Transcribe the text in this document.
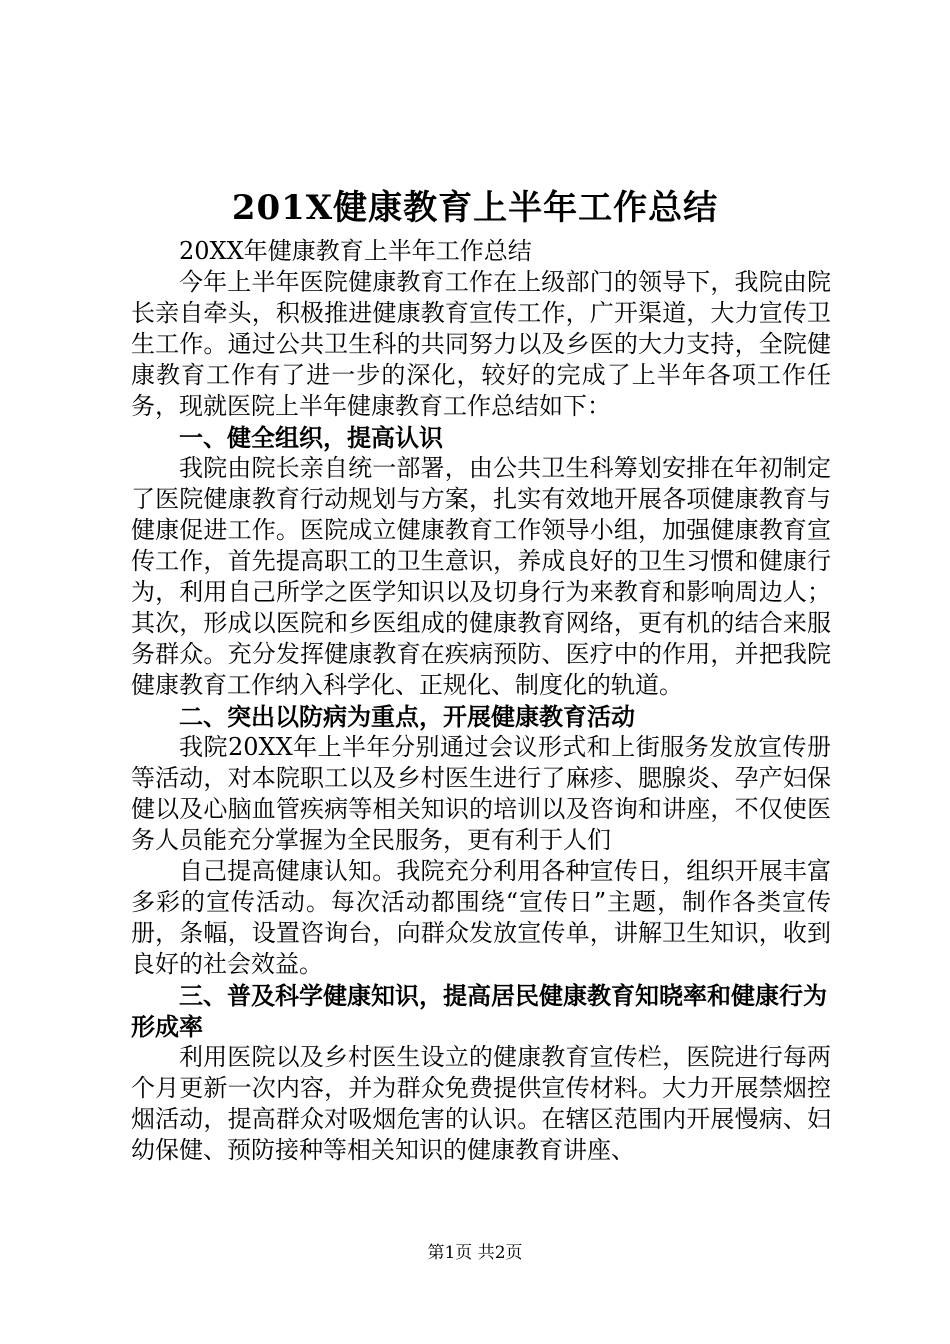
201X健康教育上半年工作总结

20XX年健康教育上半年工作总结

今年上半年医院健康教育工作在上级部门的领导下，我院由院长亲自牵头，积极推进健康教育宣传工作，广开渠道，大力宣传卫生工作。通过公共卫生科的共同努力以及乡医的大力支持，全院健康教育工作有了进一步的深化，较好的完成了上半年各项工作任务，现就医院上半年健康教育工作总结如下：

一、健全组织，提高认识

我院由院长亲自统一部署，由公共卫生科筹划安排在年初制定了医院健康教育行动规划与方案，扎实有效地开展各项健康教育与健康促进工作。医院成立健康教育工作领导小组，加强健康教育宣传工作，首先提高职工的卫生意识，养成良好的卫生习惯和健康行为，利用自己所学之医学知识以及切身行为来教育和影响周边人；其次，形成以医院和乡医组成的健康教育网络，更有机的结合来服务群众。充分发挥健康教育在疾病预防、医疗中的作用，并把我院健康教育工作纳入科学化、正规化、制度化的轨道。

二、突出以防病为重点，开展健康教育活动

我院20XX年上半年分别通过会议形式和上街服务发放宣传册等活动，对本院职工以及乡村医生进行了麻疹、腮腺炎、孕产妇保健以及心脑血管疾病等相关知识的培训以及咨询和讲座，不仅使医务人员能充分掌握为全民服务，更有利于人们

自己提高健康认知。我院充分利用各种宣传日，组织开展丰富多彩的宣传活动。每次活动都围绕“宣传日”主题，制作各类宣传册，条幅，设置咨询台，向群众发放宣传单，讲解卫生知识，收到良好的社会效益。

三、普及科学健康知识，提高居民健康教育知晓率和健康行为形成率

利用医院以及乡村医生设立的健康教育宣传栏，医院进行每两个月更新一次内容，并为群众免费提供宣传材料。大力开展禁烟控烟活动，提高群众对吸烟危害的认识。在辖区范围内开展慢病、妇幼保健、预防接种等相关知识的健康教育讲座、

第1页 共2页
